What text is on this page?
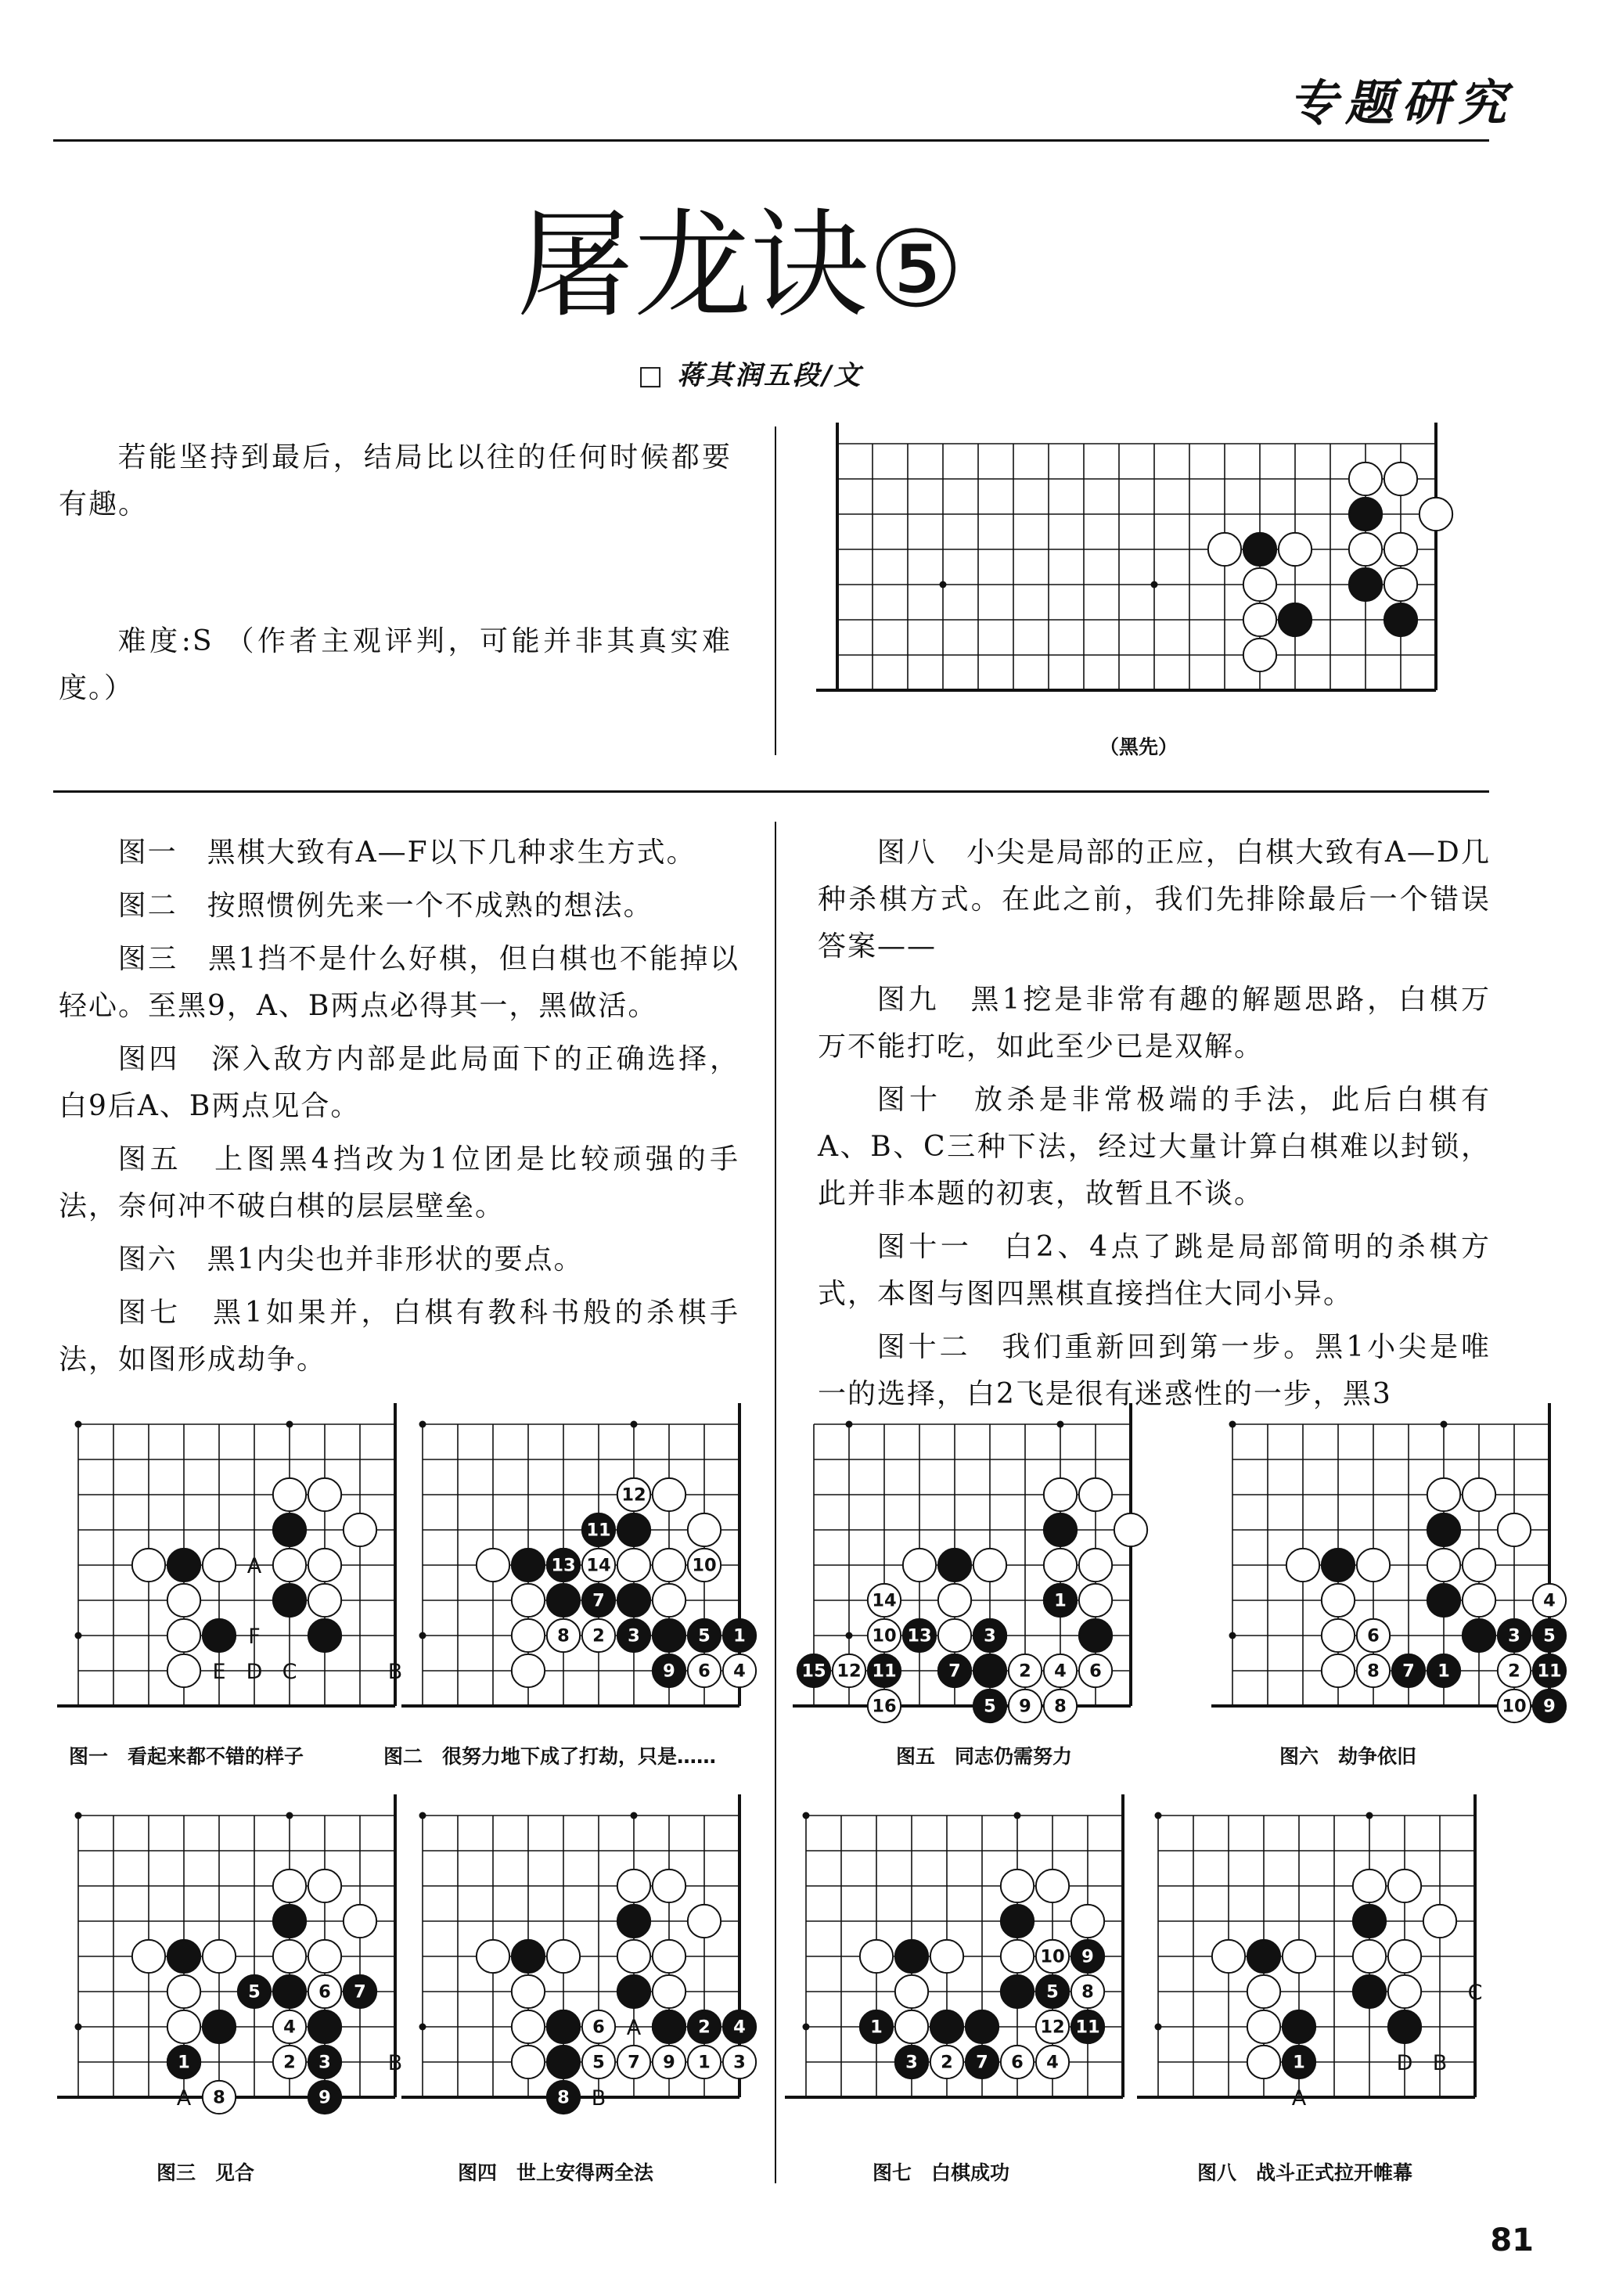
专题研究
屠龙诀⑤
□ 蒋其润五段/文
若能坚持到最后，结局比以往的任何时候都要有趣。
难度:S （作者主观评判，可能并非其真实难度。）
（黑先）

图一　黑棋大致有A—F以下几种求生方式。

图二　按照惯例先来一个不成熟的想法。

图三　黑1挡不是什么好棋，但白棋也不能掉以轻心。至黑9，A、B两点必得其一，黑做活。

图四　深入敌方内部是此局面下的正确选择，白9后A、B两点见合。

图五　上图黑4挡改为1位团是比较顽强的手法，奈何冲不破白棋的层层壁垒。

图六　黑1内尖也并非形状的要点。

图七　黑1如果并，白棋有教科书般的杀棋手法，如图形成劫争。

图八　小尖是局部的正应，白棋大致有A—D几种杀棋方式。在此之前，我们先排除最后一个错误答案——

图九　黑1挖是非常有趣的解题思路，白棋万万不能打吃，如此至少已是双解。

图十　放杀是非常极端的手法，此后白棋有A、B、C三种下法，经过大量计算白棋难以封锁，此并非本题的初衷，故暂且不谈。

图十一　白2、4点了跳是局部简明的杀棋方式，本图与图四黑棋直接挡住大同小异。

图十二　我们重新回到第一步。黑1小尖是唯一的选择，白2飞是很有迷惑性的一步，黑3

A
F
E D C	B
12
11
13 14	10
7
8 2 3	5 1
9 6 4
14
10 13
15 12 11	7	2 4 6
3
1
16	5 9 8
4
6	3 5
8 7 1	2 11
10 9
5	6 7
4
1	2 3
8	9
A
B
6	2 4
5 7 9 1 3
8
A
B
10 9
5 8
1	12 11
3 2 7 6 4	1
C
D B
A
图一　看起来都不错的样子	图二　很努力地下成了打劫，只是……	图五　同志仍需努力	图六　劫争依旧
图三　见合	图四　世上安得两全法	图七　白棋成功	图八　战斗正式拉开帷幕
81
